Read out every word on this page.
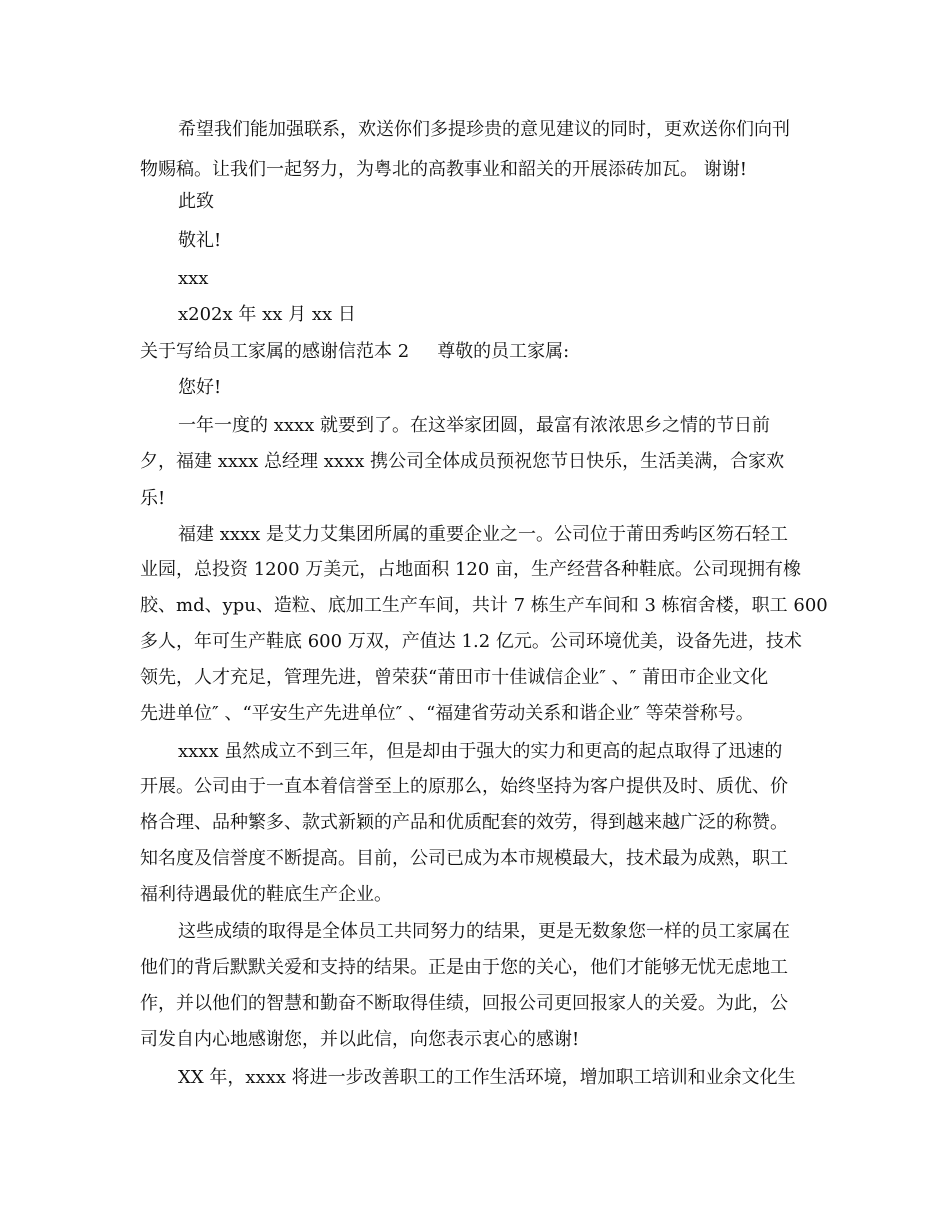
希望我们能加强联系，欢送你们多提珍贵的意见建议的同时，更欢送你们向刊
物赐稿。让我们一起努力，为粤北的高教事业和韶关的开展添砖加瓦。 谢谢!
此致
敬礼!
xxx
x202x 年 xx 月 xx 日
关于写给员工家属的感谢信范本 2 尊敬的员工家属:
您好!
一年一度的 xxxx 就要到了。在这举家团圆，最富有浓浓思乡之情的节日前
夕，福建 xxxx 总经理 xxxx 携公司全体成员预祝您节日快乐，生活美满，合家欢
乐!
福建 xxxx 是艾力艾集团所属的重要企业之一。公司位于莆田秀屿区笏石轻工
业园，总投资 1200 万美元，占地面积 120 亩，生产经营各种鞋底。公司现拥有橡
胶、md、ypu、造粒、底加工生产车间，共计 7 栋生产车间和 3 栋宿舍楼，职工 600
多人，年可生产鞋底 600 万双，产值达 1.2 亿元。公司环境优美，设备先进，技术
领先，人才充足，管理先进，曾荣获“莆田市十佳诚信企业″ 、″ 莆田市企业文化
先进单位″ 、“平安生产先进单位″ 、“福建省劳动关系和谐企业″ 等荣誉称号。
xxxx 虽然成立不到三年，但是却由于强大的实力和更高的起点取得了迅速的
开展。公司由于一直本着信誉至上的原那么，始终坚持为客户提供及时、质优、价
格合理、品种繁多、款式新颖的产品和优质配套的效劳，得到越来越广泛的称赞。
知名度及信誉度不断提高。目前，公司已成为本市规模最大，技术最为成熟，职工
福利待遇最优的鞋底生产企业。
这些成绩的取得是全体员工共同努力的结果，更是无数象您一样的员工家属在
他们的背后默默关爱和支持的结果。正是由于您的关心，他们才能够无忧无虑地工
作，并以他们的智慧和勤奋不断取得佳绩，回报公司更回报家人的关爱。为此，公
司发自内心地感谢您，并以此信，向您表示衷心的感谢!
XX 年，xxxx 将进一步改善职工的工作生活环境，增加职工培训和业余文化生
